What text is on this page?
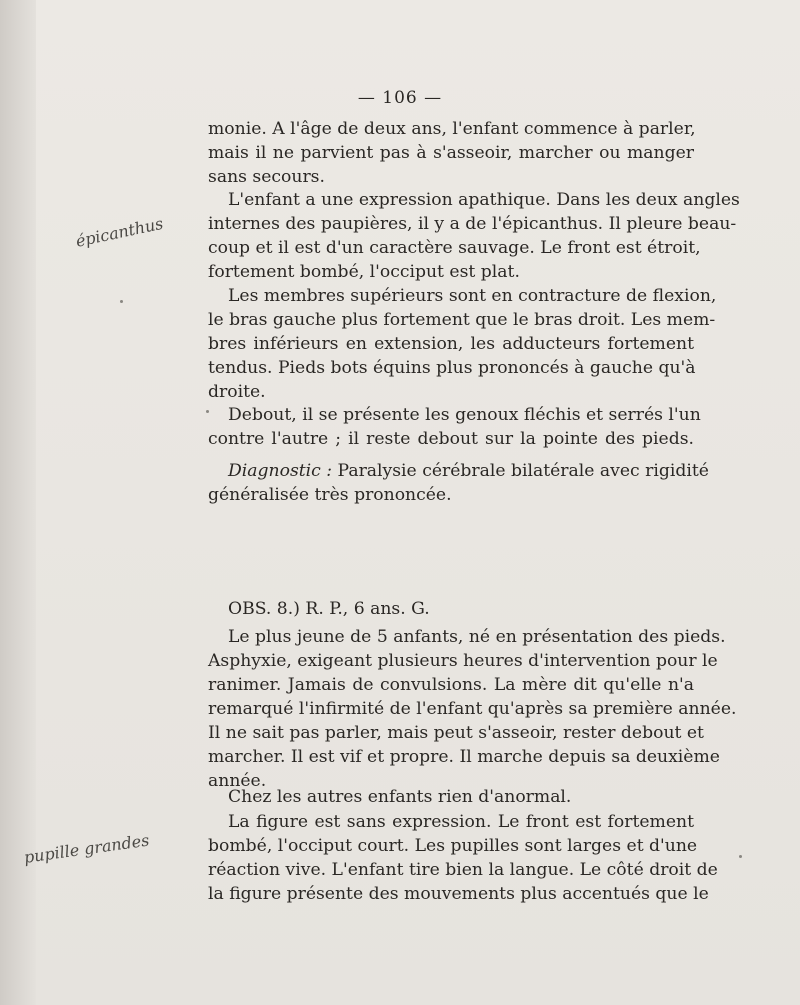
— 106 —
épicanthus
pupille grandes
monie. A l'âge de deux ans, l'enfant commence à parler,
mais il ne parvient pas à s'asseoir, marcher ou manger
sans secours.
L'enfant a une expression apathique. Dans les deux angles
internes des paupières, il y a de l'épicanthus. Il pleure beau-
coup et il est d'un caractère sauvage. Le front est étroit,
fortement bombé, l'occiput est plat.
Les membres supérieurs sont en contracture de flexion,
le bras gauche plus fortement que le bras droit. Les mem-
bres inférieurs en extension, les adducteurs fortement
tendus. Pieds bots équins plus prononcés à gauche qu'à
droite.
Debout, il se présente les genoux fléchis et serrés l'un
contre l'autre ; il reste debout sur la pointe des pieds.
Diagnostic : Paralysie cérébrale bilatérale avec rigidité
généralisée très prononcée.
OBS. 8.) R. P., 6 ans. G.
Le plus jeune de 5 anfants, né en présentation des pieds.
Asphyxie, exigeant plusieurs heures d'intervention pour le
ranimer. Jamais de convulsions. La mère dit qu'elle n'a
remarqué l'infirmité de l'enfant qu'après sa première année.
Il ne sait pas parler, mais peut s'asseoir, rester debout et
marcher. Il est vif et propre. Il marche depuis sa deuxième
année.
Chez les autres enfants rien d'anormal.
La figure est sans expression. Le front est fortement
bombé, l'occiput court. Les pupilles sont larges et d'une
réaction vive. L'enfant tire bien la langue. Le côté droit de
la figure présente des mouvements plus accentués que le
